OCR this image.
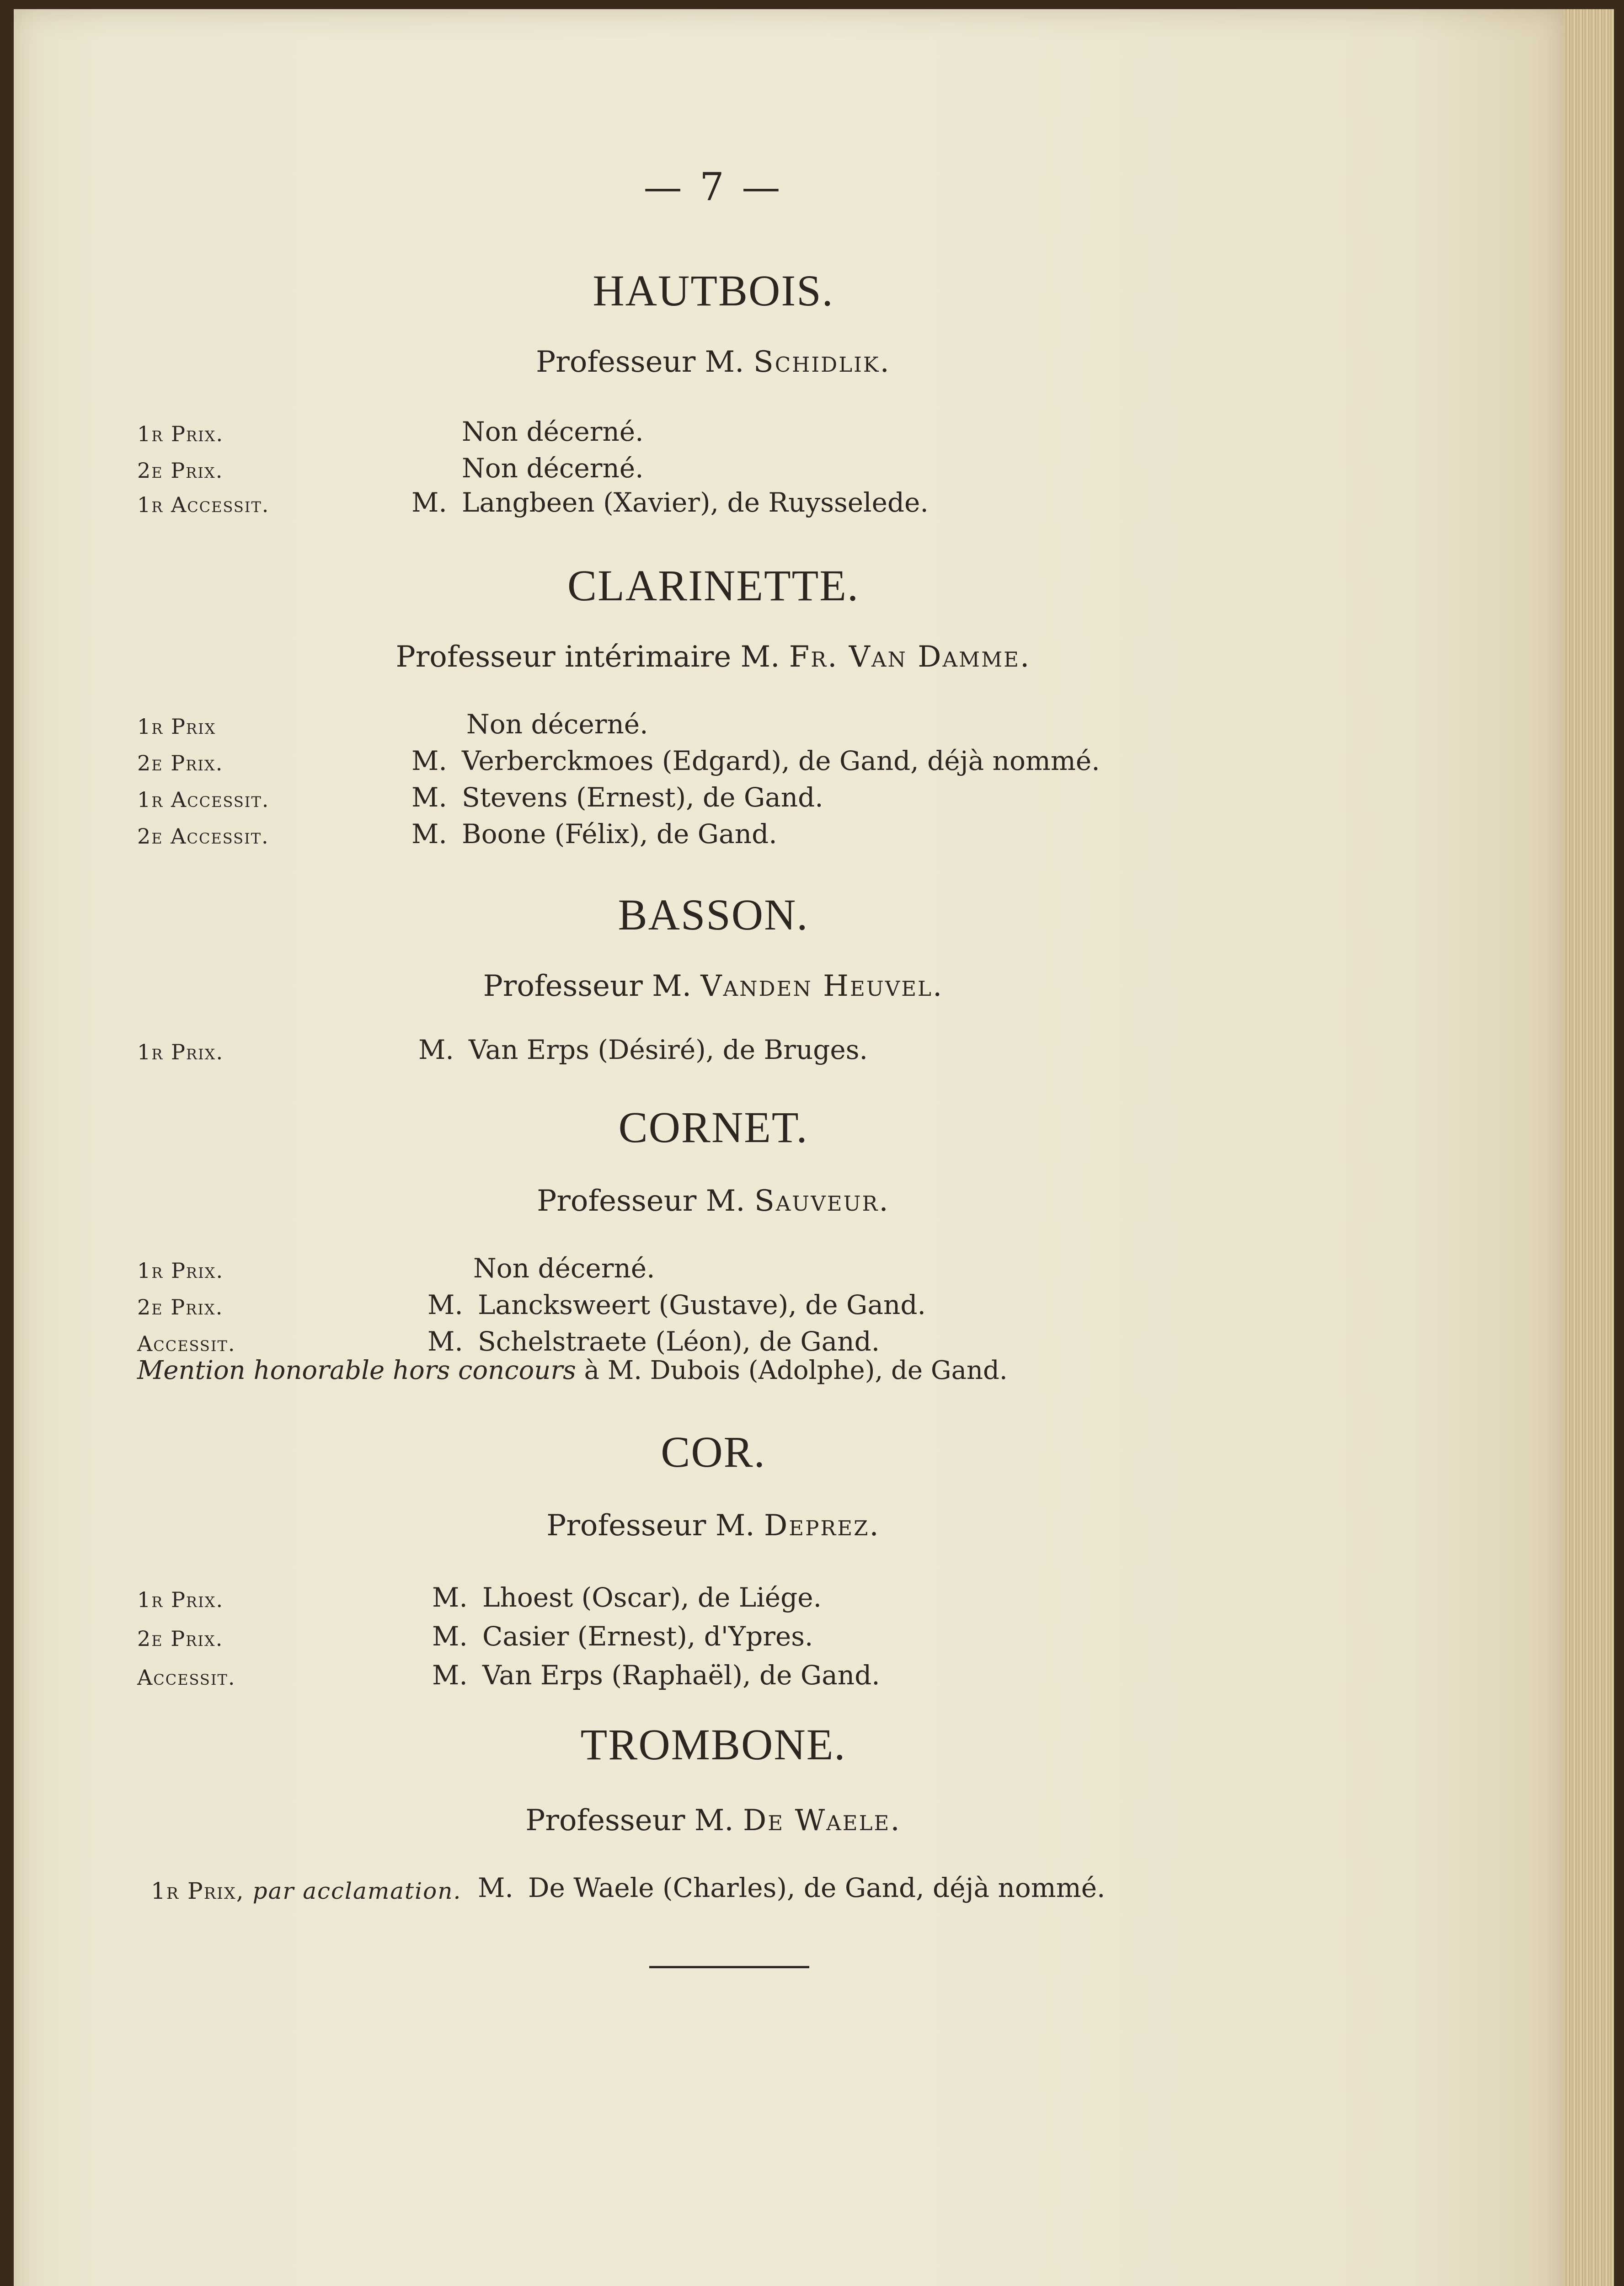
— 7 —
HAUTBOIS.
Professeur M. Schidlik.
1r Prix.	Non décerné.
2e Prix.	Non décerné.
1r Accessit.	M. Langbeen (Xavier), de Ruysselede.
CLARINETTE.
Professeur intérimaire M. Fr. Van Damme.
1r Prix	Non décerné.
2e Prix.	M. Verberckmoes (Edgard), de Gand, déjà nommé.
1r Accessit.	M. Stevens (Ernest), de Gand.
2e Accessit.	M. Boone (Félix), de Gand.
BASSON.
Professeur M. Vanden Heuvel.
1r Prix.	M. Van Erps (Désiré), de Bruges.
CORNET.
Professeur M. Sauveur.
1r Prix.	Non décerné.
2e Prix.	M. Lanckswеert (Gustave), de Gand.
Accessit.	M. Schelstraete (Léon), de Gand.
Mention honorable hors concours à M. Dubois (Adolphe), de Gand.
COR.
Professeur M. Deprez.
1r Prix.	M. Lhoest (Oscar), de Liége.
2e Prix.	M. Casier (Ernest), d'Ypres.
Accessit.	M. Van Erps (Raphaël), de Gand.
TROMBONE.
Professeur M. De Waele.
1r Prix, par acclamation. M. De Waele (Charles), de Gand, déjà nommé.
